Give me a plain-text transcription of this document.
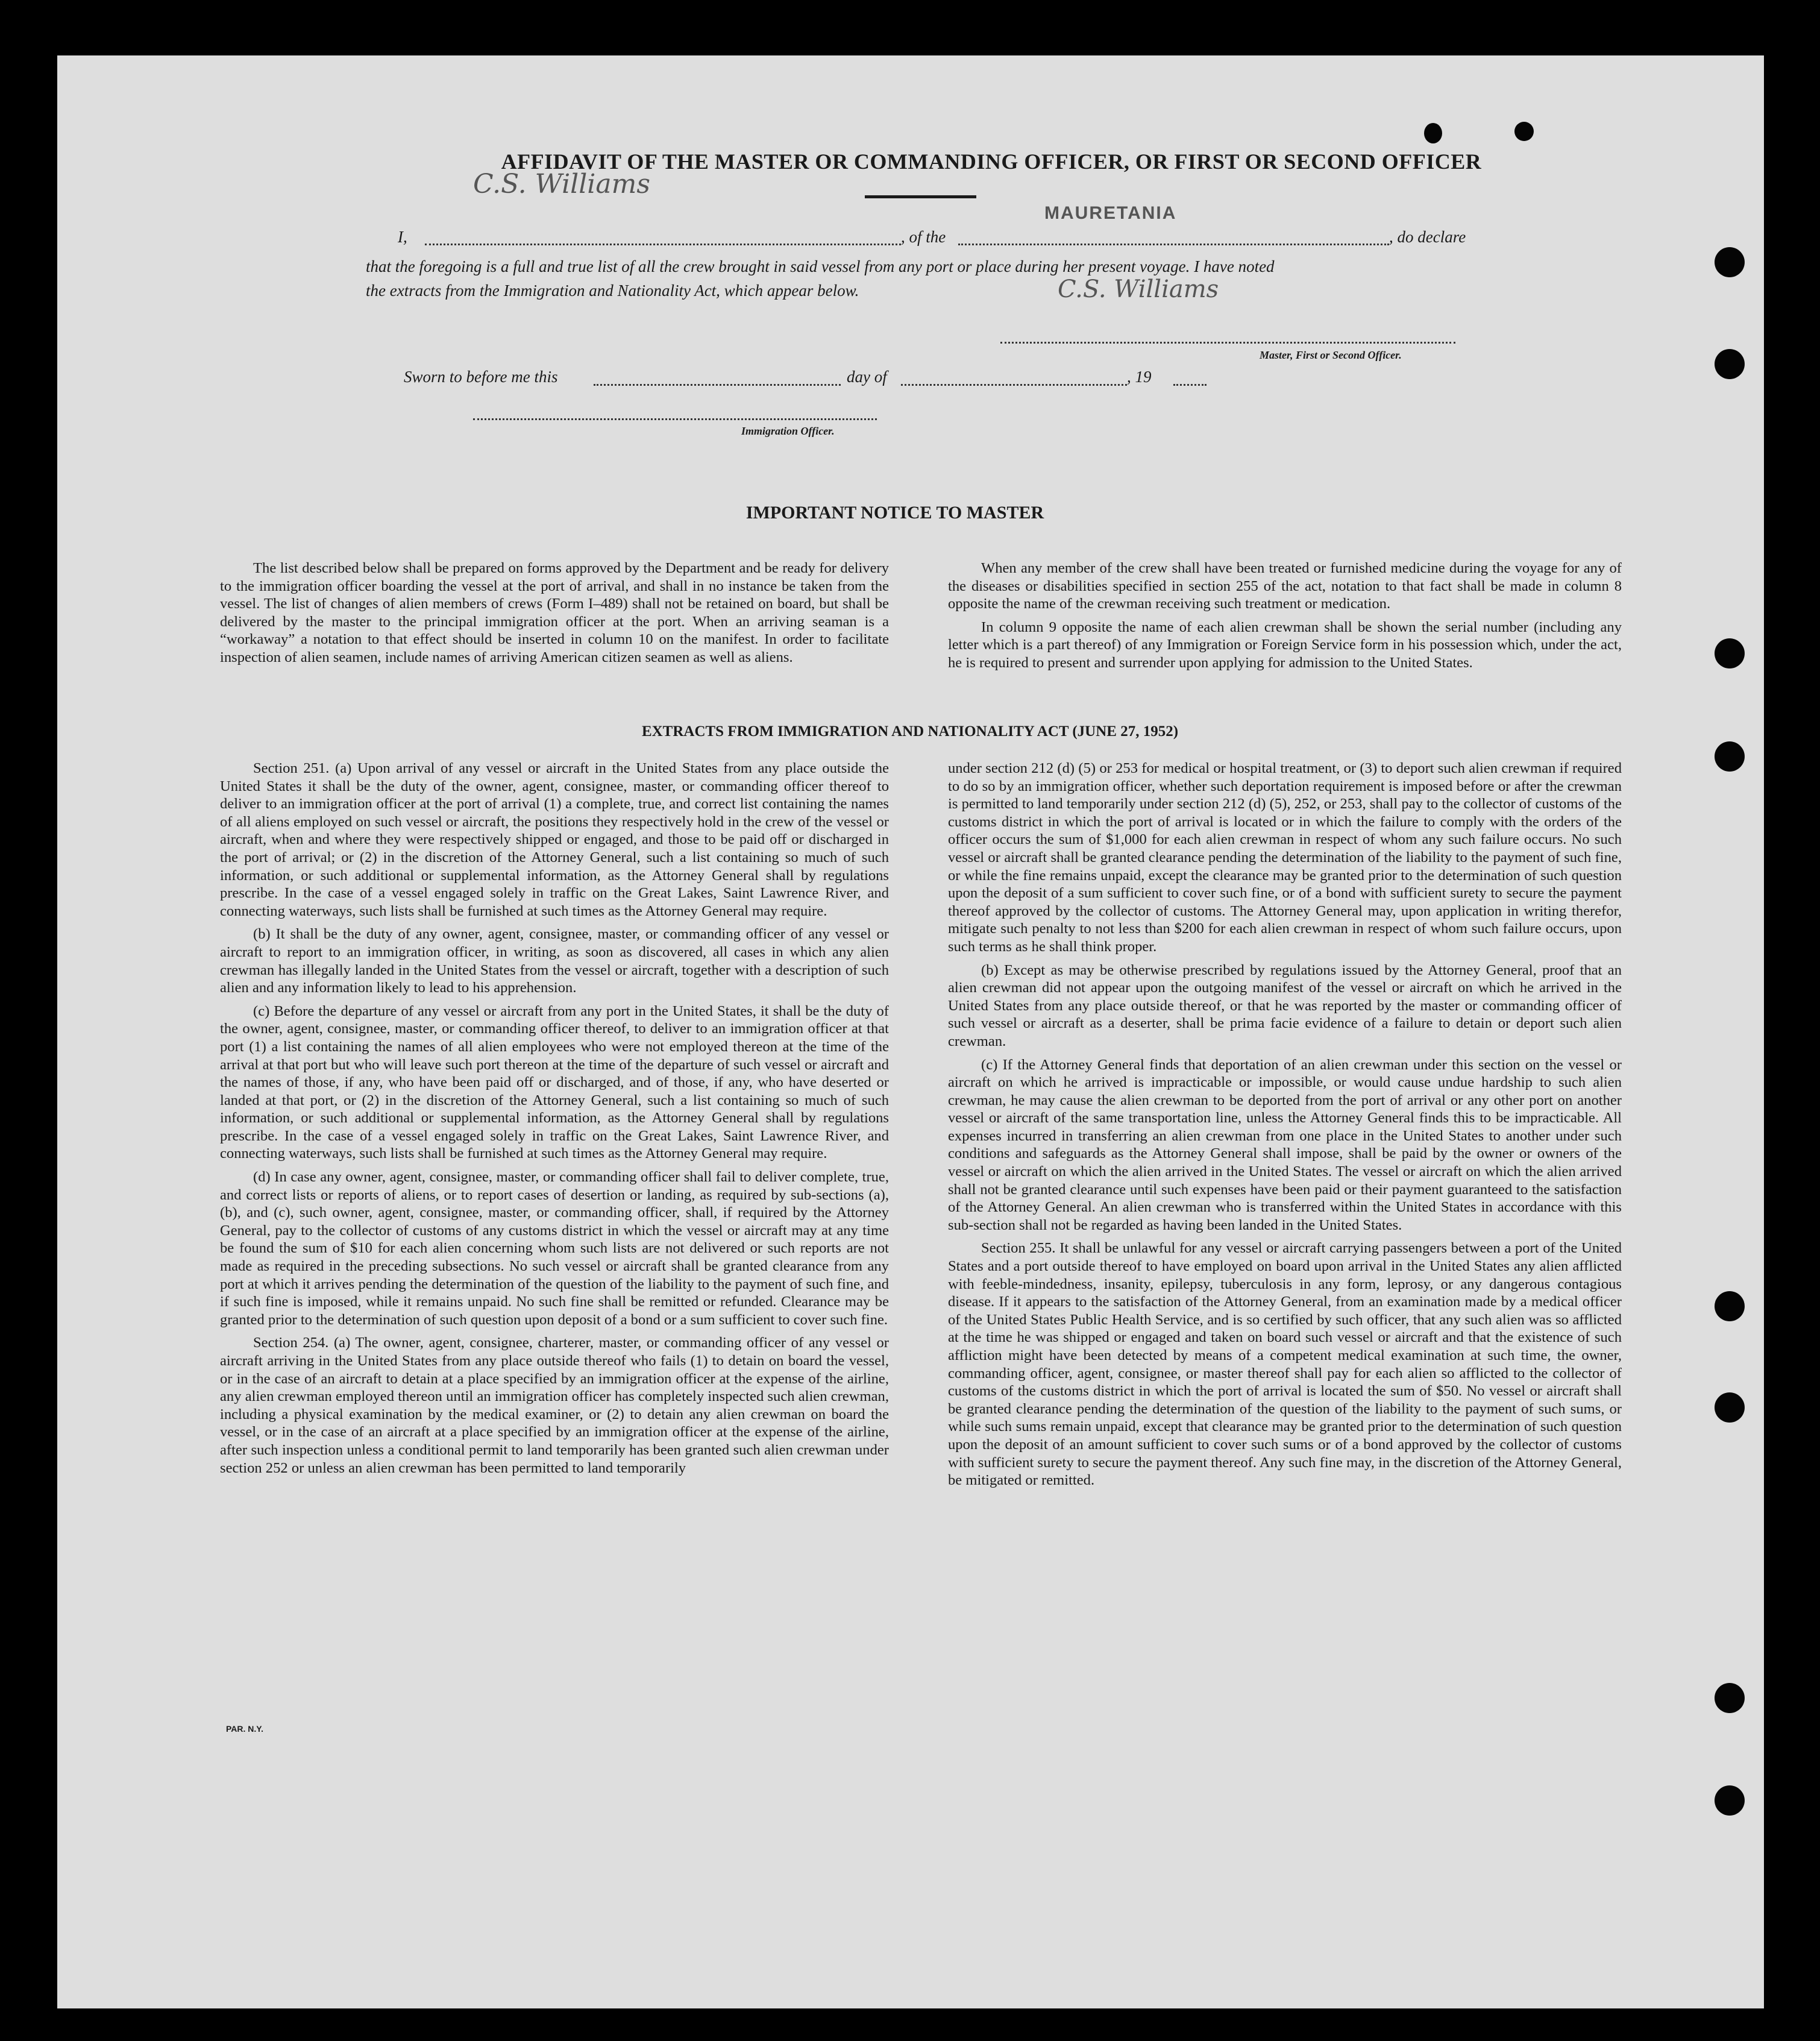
AFFIDAVIT OF THE MASTER OR COMMANDING OFFICER, OR FIRST OR SECOND OFFICER
C.S. Williams
MAURETANIA
I,	, of the	, do declare
that the foregoing is a full and true list of all the crew brought in said vessel from any port or place during her present voyage. I have noted
the extracts from the Immigration and Nationality Act, which appear below.	C.S. Williams
Master, First or Second Officer.
Sworn to before me this	day of	, 19
Immigration Officer.
IMPORTANT NOTICE TO MASTER

The list described below shall be prepared on forms approved by the Department and be ready for delivery to the immigration officer boarding the vessel at the port of arrival, and shall in no instance be taken from the vessel. The list of changes of alien members of crews (Form I–489) shall not be retained on board, but shall be delivered by the master to the principal immigration officer at the port. When an arriving seaman is a “workaway” a notation to that effect should be inserted in column 10 on the manifest. In order to facilitate inspection of alien seamen, include names of arriving American citizen seamen as well as aliens.

When any member of the crew shall have been treated or furnished medicine during the voyage for any of the diseases or disabilities specified in section 255 of the act, notation to that fact shall be made in column 8 opposite the name of the crewman receiving such treatment or medication.

In column 9 opposite the name of each alien crewman shall be shown the serial number (including any letter which is a part thereof) of any Immigration or Foreign Service form in his possession which, under the act, he is required to present and surrender upon applying for admission to the United States.

EXTRACTS FROM IMMIGRATION AND NATIONALITY ACT (JUNE 27, 1952)

Section 251. (a) Upon arrival of any vessel or aircraft in the United States from any place outside the United States it shall be the duty of the owner, agent, consignee, master, or commanding officer thereof to deliver to an immigration officer at the port of arrival (1) a complete, true, and correct list containing the names of all aliens employed on such vessel or aircraft, the positions they respectively hold in the crew of the vessel or aircraft, when and where they were respectively shipped or engaged, and those to be paid off or discharged in the port of arrival; or (2) in the discretion of the Attorney General, such a list containing so much of such information, or such additional or supplemental information, as the Attorney General shall by regulations prescribe. In the case of a vessel engaged solely in traffic on the Great Lakes, Saint Lawrence River, and connecting waterways, such lists shall be furnished at such times as the Attorney General may require.

(b) It shall be the duty of any owner, agent, consignee, master, or commanding officer of any vessel or aircraft to report to an immigration officer, in writing, as soon as discovered, all cases in which any alien crewman has illegally landed in the United States from the vessel or aircraft, together with a description of such alien and any information likely to lead to his apprehension.

(c) Before the departure of any vessel or aircraft from any port in the United States, it shall be the duty of the owner, agent, consignee, master, or commanding officer thereof, to deliver to an immigration officer at that port (1) a list containing the names of all alien employees who were not employed thereon at the time of the arrival at that port but who will leave such port thereon at the time of the departure of such vessel or aircraft and the names of those, if any, who have been paid off or discharged, and of those, if any, who have deserted or landed at that port, or (2) in the discretion of the Attorney General, such a list containing so much of such information, or such additional or supplemental information, as the Attorney General shall by regulations prescribe. In the case of a vessel engaged solely in traffic on the Great Lakes, Saint Lawrence River, and connecting waterways, such lists shall be furnished at such times as the Attorney General may require.

(d) In case any owner, agent, consignee, master, or commanding officer shall fail to deliver complete, true, and correct lists or reports of aliens, or to report cases of desertion or landing, as required by sub-sections (a), (b), and (c), such owner, agent, consignee, master, or commanding officer, shall, if required by the Attorney General, pay to the collector of customs of any customs district in which the vessel or aircraft may at any time be found the sum of $10 for each alien concerning whom such lists are not delivered or such reports are not made as required in the preceding subsections. No such vessel or aircraft shall be granted clearance from any port at which it arrives pending the determination of the question of the liability to the payment of such fine, and if such fine is imposed, while it remains unpaid. No such fine shall be remitted or refunded. Clearance may be granted prior to the determination of such question upon deposit of a bond or a sum sufficient to cover such fine.

Section 254. (a) The owner, agent, consignee, charterer, master, or commanding officer of any vessel or aircraft arriving in the United States from any place outside thereof who fails (1) to detain on board the vessel, or in the case of an aircraft to detain at a place specified by an immigration officer at the expense of the airline, any alien crewman employed thereon until an immigration officer has completely inspected such alien crewman, including a physical examination by the medical examiner, or (2) to detain any alien crewman on board the vessel, or in the case of an aircraft at a place specified by an immigration officer at the expense of the airline, after such inspection unless a conditional permit to land temporarily has been granted such alien crewman under section 252 or unless an alien crewman has been permitted to land temporarily

under section 212 (d) (5) or 253 for medical or hospital treatment, or (3) to deport such alien crewman if required to do so by an immigration officer, whether such deportation requirement is imposed before or after the crewman is permitted to land temporarily under section 212 (d) (5), 252, or 253, shall pay to the collector of customs of the customs district in which the port of arrival is located or in which the failure to comply with the orders of the officer occurs the sum of $1,000 for each alien crewman in respect of whom any such failure occurs. No such vessel or aircraft shall be granted clearance pending the determination of the liability to the payment of such fine, or while the fine remains unpaid, except the clearance may be granted prior to the determination of such question upon the deposit of a sum sufficient to cover such fine, or of a bond with sufficient surety to secure the payment thereof approved by the collector of customs. The Attorney General may, upon application in writing therefor, mitigate such penalty to not less than $200 for each alien crewman in respect of whom such failure occurs, upon such terms as he shall think proper.

(b) Except as may be otherwise prescribed by regulations issued by the Attorney General, proof that an alien crewman did not appear upon the outgoing manifest of the vessel or aircraft on which he arrived in the United States from any place outside thereof, or that he was reported by the master or commanding officer of such vessel or aircraft as a deserter, shall be prima facie evidence of a failure to detain or deport such alien crewman.

(c) If the Attorney General finds that deportation of an alien crewman under this section on the vessel or aircraft on which he arrived is impracticable or impossible, or would cause undue hardship to such alien crewman, he may cause the alien crewman to be deported from the port of arrival or any other port on another vessel or aircraft of the same transportation line, unless the Attorney General finds this to be impracticable. All expenses incurred in transferring an alien crewman from one place in the United States to another under such conditions and safeguards as the Attorney General shall impose, shall be paid by the owner or owners of the vessel or aircraft on which the alien arrived in the United States. The vessel or aircraft on which the alien arrived shall not be granted clearance until such expenses have been paid or their payment guaranteed to the satisfaction of the Attorney General. An alien crewman who is transferred within the United States in accordance with this sub-section shall not be regarded as having been landed in the United States.

Section 255. It shall be unlawful for any vessel or aircraft carrying passengers between a port of the United States and a port outside thereof to have employed on board upon arrival in the United States any alien afflicted with feeble-mindedness, insanity, epilepsy, tuberculosis in any form, leprosy, or any dangerous contagious disease. If it appears to the satisfaction of the Attorney General, from an examination made by a medical officer of the United States Public Health Service, and is so certified by such officer, that any such alien was so afflicted at the time he was shipped or engaged and taken on board such vessel or aircraft and that the existence of such affliction might have been detected by means of a competent medical examination at such time, the owner, commanding officer, agent, consignee, or master thereof shall pay for each alien so afflicted to the collector of customs of the customs district in which the port of arrival is located the sum of $50. No vessel or aircraft shall be granted clearance pending the determination of the question of the liability to the payment of such sums, or while such sums remain unpaid, except that clearance may be granted prior to the determination of such question upon the deposit of an amount sufficient to cover such sums or of a bond approved by the collector of customs with sufficient surety to secure the payment thereof. Any such fine may, in the discretion of the Attorney General, be mitigated or remitted.

PAR. N.Y.
